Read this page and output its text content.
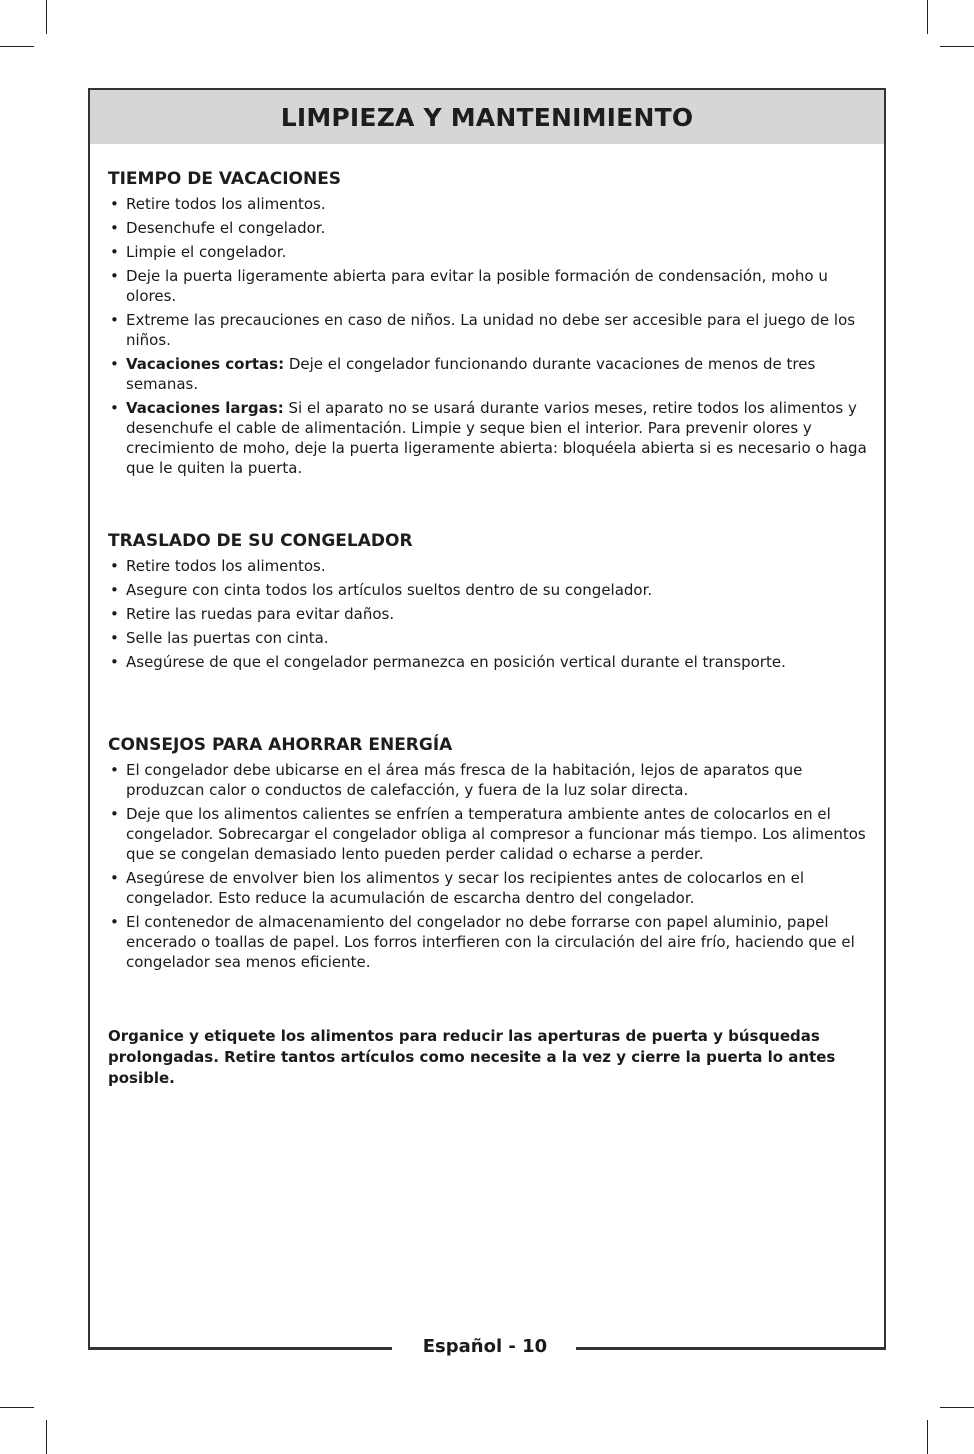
LIMPIEZA Y MANTENIMIENTO
TIEMPO DE VACACIONES
• Retire todos los alimentos.
• Desenchufe el congelador.
• Limpie el congelador.
• Deje la puerta ligeramente abierta para evitar la posible formación de condensación, moho u olores.
• Extreme las precauciones en caso de niños. La unidad no debe ser accesible para el juego de los niños.
• Vacaciones cortas: Deje el congelador funcionando durante vacaciones de menos de tres semanas.
• Vacaciones largas: Si el aparato no se usará durante varios meses, retire todos los alimentos y desenchufe el cable de alimentación. Limpie y seque bien el interior. Para prevenir olores y crecimiento de moho, deje la puerta ligeramente abierta: bloquéela abierta si es necesario o haga que le quiten la puerta.
TRASLADO DE SU CONGELADOR
• Retire todos los alimentos.
• Asegure con cinta todos los artículos sueltos dentro de su congelador.
• Retire las ruedas para evitar daños.
• Selle las puertas con cinta.
• Asegúrese de que el congelador permanezca en posición vertical durante el transporte.
CONSEJOS PARA AHORRAR ENERGÍA
• El congelador debe ubicarse en el área más fresca de la habitación, lejos de aparatos que produzcan calor o conductos de calefacción, y fuera de la luz solar directa.
• Deje que los alimentos calientes se enfríen a temperatura ambiente antes de colocarlos en el congelador. Sobrecargar el congelador obliga al compresor a funcionar más tiempo. Los alimentos que se congelan demasiado lento pueden perder calidad o echarse a perder.
• Asegúrese de envolver bien los alimentos y secar los recipientes antes de colocarlos en el congelador. Esto reduce la acumulación de escarcha dentro del congelador.
• El contenedor de almacenamiento del congelador no debe forrarse con papel aluminio, papel encerado o toallas de papel. Los forros interfieren con la circulación del aire frío, haciendo que el congelador sea menos eficiente.

Organice y etiquete los alimentos para reducir las aperturas de puerta y búsquedas prolongadas. Retire tantos artículos como necesite a la vez y cierre la puerta lo antes posible.

Español - 10
